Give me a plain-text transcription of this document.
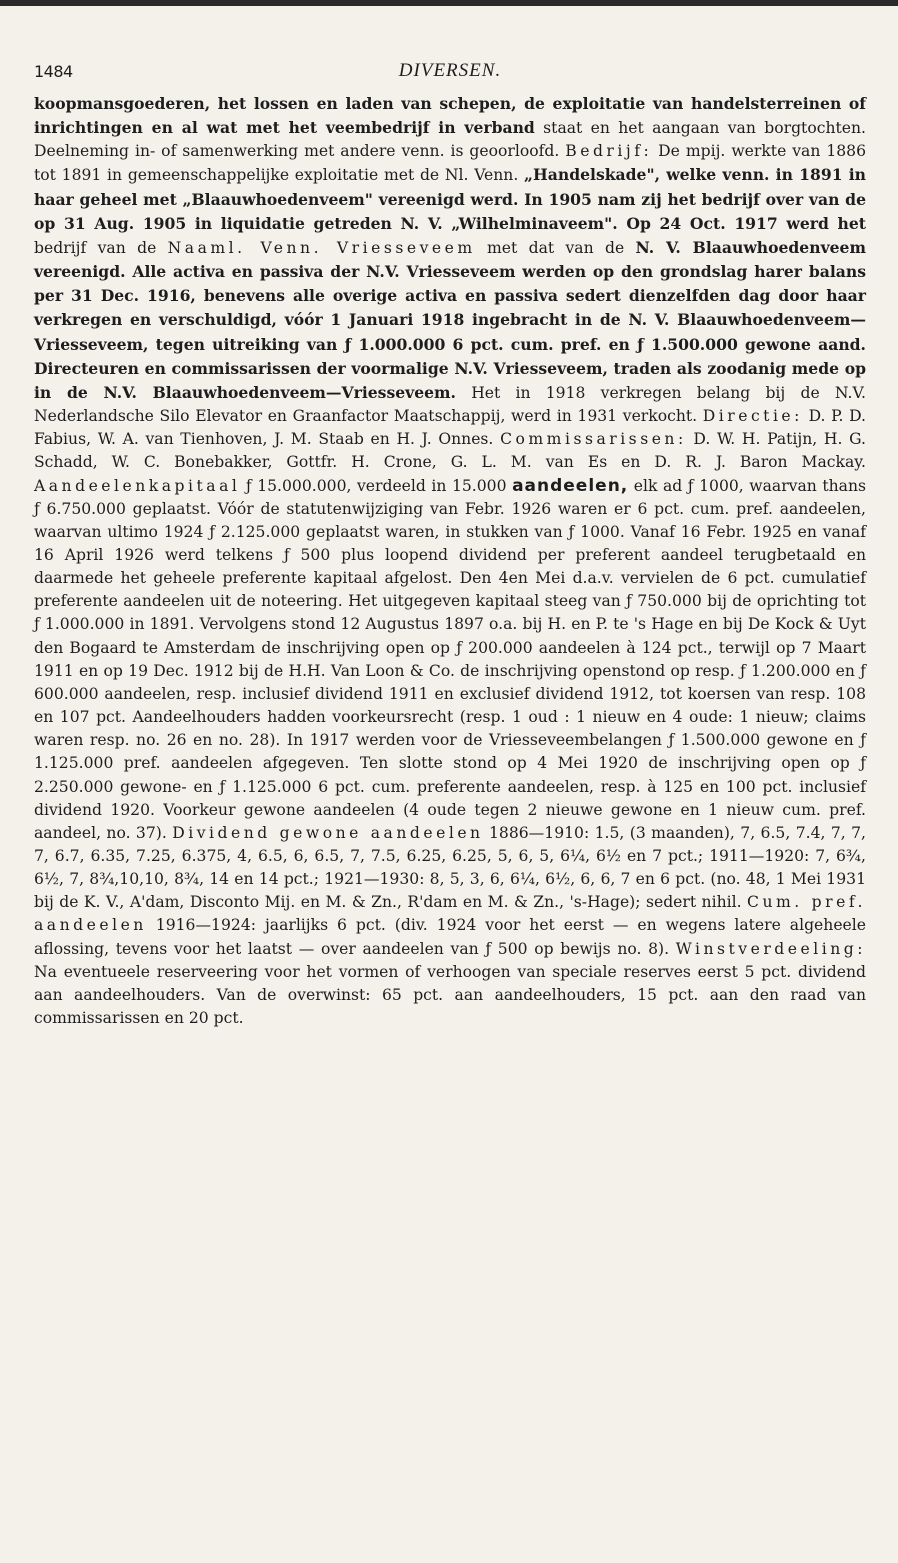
1484	DIVERSEN.

koopmansgoederen, het lossen en laden van schepen, de exploitatie van handelsterreinen of inrichtingen en al wat met het veembedrijf in verband staat en het aangaan van borgtochten. Deelneming in- of samenwerking met andere venn. is geoorloofd. Bedrijf: De mpij. werkte van 1886 tot 1891 in gemeenschappelijke exploitatie met de Nl. Venn. „Handelskade", welke venn. in 1891 in haar geheel met „Blaauwhoedenveem" vereenigd werd. In 1905 nam zij het bedrijf over van de op 31 Aug. 1905 in liquidatie getreden N. V. „Wilhelminaveem". Op 24 Oct. 1917 werd het bedrijf van de Naaml. Venn. Vriesseveem met dat van de N. V. Blaauwhoedenveem vereenigd. Alle activa en passiva der N.V. Vriesseveem werden op den grondslag harer balans per 31 Dec. 1916, benevens alle overige activa en passiva sedert dienzelfden dag door haar verkregen en verschuldigd, vóór 1 Januari 1918 ingebracht in de N. V. Blaauwhoedenveem—Vriesseveem, tegen uitreiking van ƒ 1.000.000 6 pct. cum. pref. en ƒ 1.500.000 gewone aand. Directeuren en commissarissen der voormalige N.V. Vriesseveem, traden als zoodanig mede op in de N.V. Blaauwhoedenveem—Vriesseveem. Het in 1918 verkregen belang bij de N.V. Nederlandsche Silo Elevator en Graanfactor Maatschappij, werd in 1931 verkocht. Directie: D. P. D. Fabius, W. A. van Tienhoven, J. M. Staab en H. J. Onnes. Commissarissen: D. W. H. Patijn, H. G. Schadd, W. C. Bonebakker, Gottfr. H. Crone, G. L. M. van Es en D. R. J. Baron Mackay. Aandeelenkapitaal ƒ 15.000.000, verdeeld in 15.000 aandeelen, elk ad ƒ 1000, waarvan thans ƒ 6.750.000 geplaatst. Vóór de statutenwijziging van Febr. 1926 waren er 6 pct. cum. pref. aandeelen, waarvan ultimo 1924 ƒ 2.125.000 geplaatst waren, in stukken van ƒ 1000. Vanaf 16 Febr. 1925 en vanaf 16 April 1926 werd telkens ƒ 500 plus loopend dividend per preferent aandeel terugbetaald en daarmede het geheele preferente kapitaal afgelost. Den 4en Mei d.a.v. vervielen de 6 pct. cumulatief preferente aandeelen uit de noteering. Het uitgegeven kapitaal steeg van ƒ 750.000 bij de oprichting tot ƒ 1.000.000 in 1891. Vervolgens stond 12 Augustus 1897 o.a. bij H. en P. te 's Hage en bij De Kock & Uyt den Bogaard te Amsterdam de inschrijving open op ƒ 200.000 aandeelen à 124 pct., terwijl op 7 Maart 1911 en op 19 Dec. 1912 bij de H.H. Van Loon & Co. de inschrijving openstond op resp. ƒ 1.200.000 en ƒ 600.000 aandeelen, resp. inclusief dividend 1911 en exclusief dividend 1912, tot koersen van resp. 108 en 107 pct. Aandeelhouders hadden voorkeursrecht (resp. 1 oud : 1 nieuw en 4 oude: 1 nieuw; claims waren resp. no. 26 en no. 28). In 1917 werden voor de Vriesseveembelangen ƒ 1.500.000 gewone en ƒ 1.125.000 pref. aandeelen afgegeven. Ten slotte stond op 4 Mei 1920 de inschrijving open op ƒ 2.250.000 gewone- en ƒ 1.125.000 6 pct. cum. preferente aandeelen, resp. à 125 en 100 pct. inclusief dividend 1920. Voorkeur gewone aandeelen (4 oude tegen 2 nieuwe gewone en 1 nieuw cum. pref. aandeel, no. 37). Dividend gewone aandeelen 1886—1910: 1.5, (3 maanden), 7, 6.5, 7.4, 7, 7, 7, 6.7, 6.35, 7.25, 6.375, 4, 6.5, 6, 6.5, 7, 7.5, 6.25, 6.25, 5, 6, 5, 6¼, 6½ en 7 pct.; 1911—1920: 7, 6¾, 6½, 7, 8¾,10,10, 8¾, 14 en 14 pct.; 1921—1930: 8, 5, 3, 6, 6¼, 6½, 6, 6, 7 en 6 pct. (no. 48, 1 Mei 1931 bij de K. V., A'dam, Disconto Mij. en M. & Zn., R'dam en M. & Zn., 's-Hage); sedert nihil. Cum. pref. aandeelen 1916—1924: jaarlijks 6 pct. (div. 1924 voor het eerst — en wegens latere algeheele aflossing, tevens voor het laatst — over aandeelen van ƒ 500 op bewijs no. 8). Winstverdeeling: Na eventueele reserveering voor het vormen of verhoogen van speciale reserves eerst 5 pct. dividend aan aandeelhouders. Van de overwinst: 65 pct. aan aandeelhouders, 15 pct. aan den raad van commissarissen en 20 pct.
